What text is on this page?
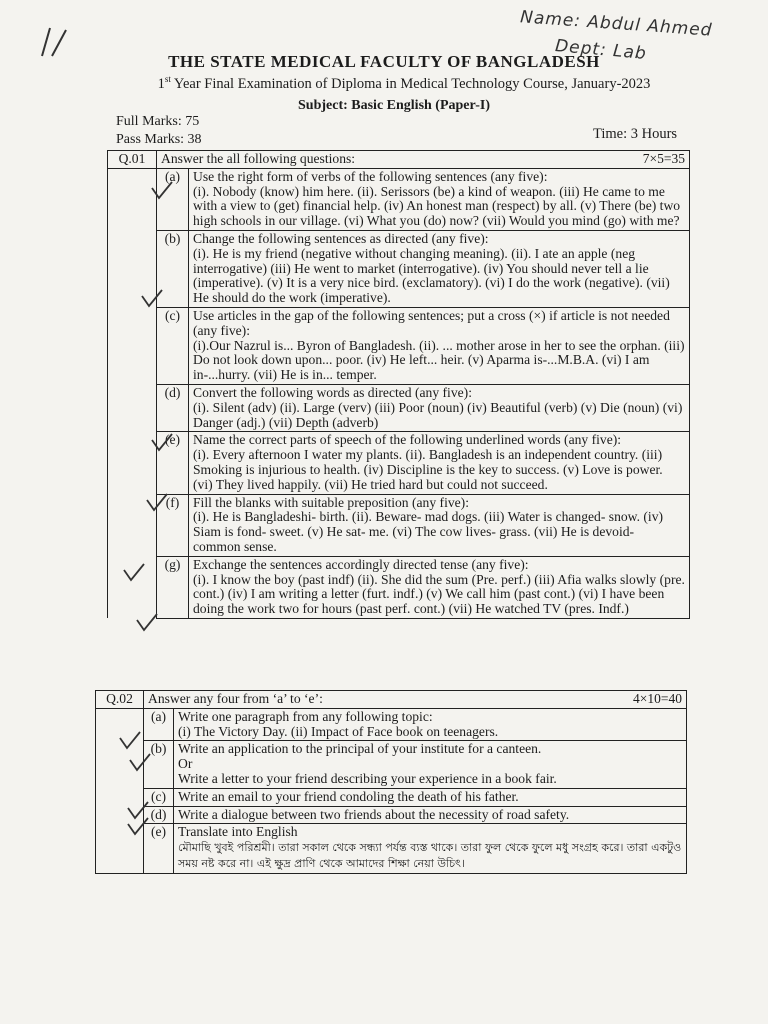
Name: Abdul Ahmed
Dept: Lab
THE STATE MEDICAL FACULTY OF BANGLADESH
1st Year Final Examination of Diploma in Medical Technology Course, January-2023
Subject: Basic English (Paper-I)
Full Marks: 75
Pass Marks: 38	Time: 3 Hours
Q.01	Answer the all following questions: 7×5=35	

	(a)	Use the right form of verbs of the following sentences (any five):
(i). Nobody (know) him here. (ii). Serissors (be) a kind of weapon. (iii) He came to me with a view to (get) financial help. (iv) An honest man (respect) by all. (v) There (be) two high schools in our village. (vi) What you (do) now? (vii) Would you mind (go) with me?
	(b)	Change the following sentences as directed (any five):
(i). He is my friend (negative without changing meaning). (ii). I ate an apple (neg interrogative) (iii) He went to market (interrogative). (iv) You should never tell a lie (imperative). (v) It is a very nice bird. (exclamatory). (vi) I do the work (negative). (vii) He should do the work (imperative).
	(c)	Use articles in the gap of the following sentences; put a cross (×) if article is not needed (any five):
(i).Our Nazrul is... Byron of Bangladesh. (ii). ... mother arose in her to see the orphan. (iii) Do not look down upon... poor. (iv) He left... heir. (v) Aparma is-...M.B.A. (vi) I am in-...hurry. (vii) He is in... temper.
	(d)	Convert the following words as directed (any five):
(i). Silent (adv) (ii). Large (verv) (iii) Poor (noun) (iv) Beautiful (verb) (v) Die (noun) (vi) Danger (adj.) (vii) Depth (adverb)
	(e)	Name the correct parts of speech of the following underlined words (any five):
(i). Every afternoon I water my plants. (ii). Bangladesh is an independent country. (iii) Smoking is injurious to health. (iv) Discipline is the key to success. (v) Love is power. (vi) They lived happily. (vii) He tried hard but could not succeed.
	(f)	Fill the blanks with suitable preposition (any five):
(i). He is Bangladeshi- birth. (ii). Beware- mad dogs. (iii) Water is changed- snow. (iv) Siam is fond- sweet. (v) He sat- me. (vi) The cow lives- grass. (vii) He is devoid- common sense.
	(g)	Exchange the sentences accordingly directed tense (any five):
(i). I know the boy (past indf) (ii). She did the sum (Pre. perf.) (iii) Afia walks slowly (pre. cont.) (iv) I am writing a letter (furt. indf.) (v) We call him (past cont.) (vi) I have been doing the work two for hours (past perf. cont.) (vii) He watched TV (pres. Indf.)
Q.02	Answer any four from ‘a’ to ‘e’: 4×10=40	

	(a)	Write one paragraph from any following topic:
(i) The Victory Day. (ii) Impact of Face book on teenagers.
	(b)	Write an application to the principal of your institute for a canteen.
Or
Write a letter to your friend describing your experience in a book fair.
	(c)	Write an email to your friend condoling the death of his father.
	(d)	Write a dialogue between two friends about the necessity of road safety.
	(e)	Translate into English
মৌমাছি খুবই পরিশ্রমী। তারা সকাল থেকে সন্ধ্যা পর্যন্ত ব্যস্ত থাকে। তারা ফুল থেকে ফুলে মধু সংগ্রহ করে। তারা একটুও সময় নষ্ট করে না। এই ক্ষুদ্র প্রাণি থেকে আমাদের শিক্ষা নেয়া উচিৎ।
